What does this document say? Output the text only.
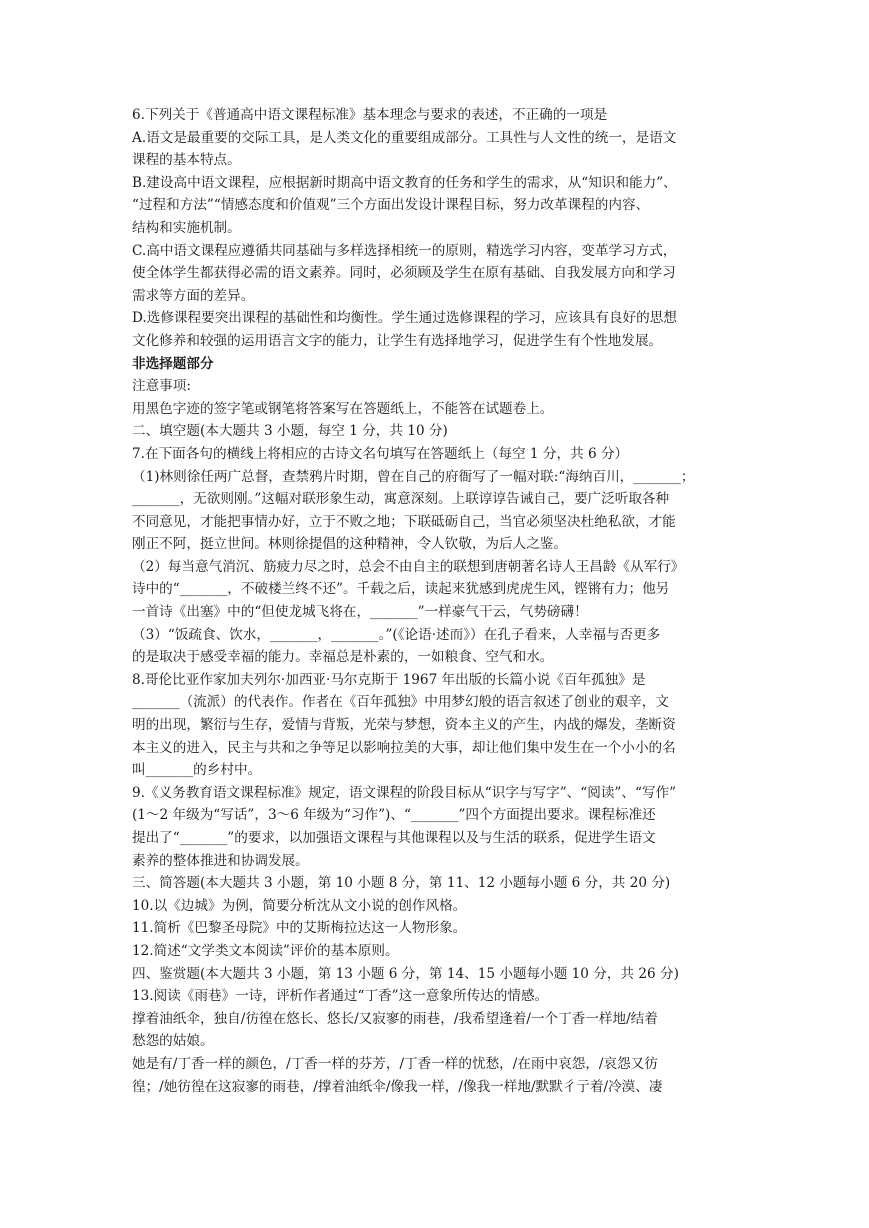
6.下列关于《普通高中语文课程标准》基本理念与要求的表述，不正确的一项是
A.语文是最重要的交际工具，是人类文化的重要组成部分。工具性与人文性的统一，是语文
课程的基本特点。
B.建设高中语文课程，应根据新时期高中语文教育的任务和学生的需求，从“知识和能力”、
“过程和方法”“情感态度和价值观”三个方面出发设计课程目标，努力改革课程的内容、
结构和实施机制。
C.高中语文课程应遵循共同基础与多样选择相统一的原则，精选学习内容，变革学习方式，
使全体学生都获得必需的语文素养。同时，必须顾及学生在原有基础、自我发展方向和学习
需求等方面的差异。
D.选修课程要突出课程的基础性和均衡性。学生通过选修课程的学习，应该具有良好的思想
文化修养和较强的运用语言文字的能力，让学生有选择地学习，促进学生有个性地发展。
非选择题部分
注意事项:
用黑色字迹的签字笔或钢笔将答案写在答题纸上，不能答在试题卷上。
二、填空题(本大题共 3 小题，每空 1 分，共 10 分)
7.在下面各句的横线上将相应的古诗文名句填写在答题纸上（每空 1 分，共 6 分）
（1)林则徐任两广总督，查禁鸦片时期，曾在自己的府衙写了一幅对联:“海纳百川，_______；
_______，无欲则刚。”这幅对联形象生动，寓意深刻。上联谆谆告诫自己，要广泛听取各种
不同意见，才能把事情办好，立于不败之地；下联砥砺自己，当官必须坚决杜绝私欲，才能
刚正不阿，挺立世间。林则徐提倡的这种精神，令人钦敬，为后人之鉴。
（2）每当意气消沉、筋疲力尽之时，总会不由自主的联想到唐朝著名诗人王昌龄《从军行》
诗中的“_______，不破楼兰终不还”。千载之后，读起来犹感到虎虎生风，铿锵有力；他另
一首诗《出塞》中的“但使龙城飞将在，_______”一样豪气干云，气势磅礴！
（3）“饭疏食、饮水，_______，_______。”(《论语·述而》）在孔子看来，人幸福与否更多
的是取决于感受幸福的能力。幸福总是朴素的，一如粮食、空气和水。
8.哥伦比亚作家加夫列尔·加西亚·马尔克斯于 1967 年出版的长篇小说《百年孤独》是
_______（流派）的代表作。作者在《百年孤独》中用梦幻般的语言叙述了创业的艰辛，文
明的出现，繁衍与生存，爱情与背叛，光荣与梦想，资本主义的产生，内战的爆发，垄断资
本主义的进入，民主与共和之争等足以影响拉美的大事，却让他们集中发生在一个小小的名
叫_______的乡村中。
9.《义务教育语文课程标准》规定，语文课程的阶段目标从“识字与写字”、“阅读”、“写作”
(1～2 年级为“写话”，3～6 年级为“习作”)、“_______”四个方面提出要求。课程标准还
提出了“_______”的要求，以加强语文课程与其他课程以及与生活的联系，促进学生语文
素养的整体推进和协调发展。
三、简答题(本大题共 3 小题，第 10 小题 8 分，第 11、12 小题每小题 6 分，共 20 分)
10.以《边城》为例，简要分析沈从文小说的创作风格。
11.简析《巴黎圣母院》中的艾斯梅拉达这一人物形象。
12.简述“文学类文本阅读”评价的基本原则。
四、鉴赏题(本大题共 3 小题，第 13 小题 6 分，第 14、15 小题每小题 10 分，共 26 分)
13.阅读《雨巷》一诗，评析作者通过“丁香”这一意象所传达的情感。
撑着油纸伞，独自/彷徨在悠长、悠长/又寂寥的雨巷，/我希望逢着/一个丁香一样地/结着
愁怨的姑娘。
她是有/丁香一样的颜色，/丁香一样的芬芳，/丁香一样的忧愁，/在雨中哀怨，/哀怨又彷
徨；/她彷徨在这寂寥的雨巷，/撑着油纸伞/像我一样，/像我一样地/默默彳亍着/冷漠、凄
